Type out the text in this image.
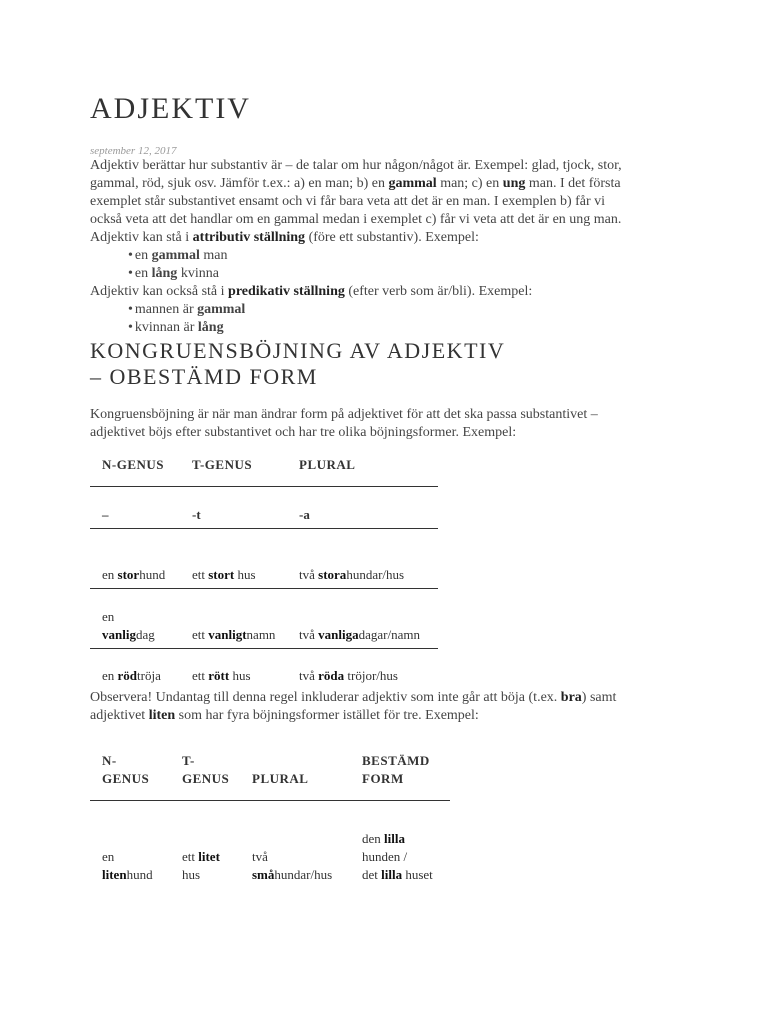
ADJEKTIV
september 12, 2017
Adjektiv berättar hur substantiv är – de talar om hur någon/något är. Exempel: glad, tjock, stor,
gammal, röd, sjuk osv. Jämför t.ex.: a) en man; b) en gammal man; c) en ung man. I det första
exemplet står substantivet ensamt och vi får bara veta att det är en man. I exemplen b) får vi
också veta att det handlar om en gammal medan i exemplet c) får vi veta att det är en ung man.
Adjektiv kan stå i attributiv ställning (före ett substantiv). Exempel:
• en gammal man
• en lång kvinna
Adjektiv kan också stå i predikativ ställning (efter verb som är/bli). Exempel:
• mannen är gammal
• kvinnan är lång
KONGRUENSBÖJNING AV ADJEKTIV
– OBESTÄMD FORM
Kongruensböjning är när man ändrar form på adjektivet för att det ska passa substantivet –
adjektivet böjs efter substantivet och har tre olika böjningsformer. Exempel:
N-GENUS	T-GENUS	PLURAL
–	-t	-a
en storhund	ett stort hus	två storahundar/hus
en vanligdag	ett vanligtnamn	två vanligadagar/namn
en rödtröja	ett rött hus	två röda tröjor/hus
Observera! Undantag till denna regel inkluderar adjektiv som inte går att böja (t.ex. bra) samt
adjektivet liten som har fyra böjningsformer istället för tre. Exempel:
N-GENUS	T-GENUS	PLURAL	BESTÄMD FORM
en litenhund	ett litet hus	två småhundar/hus	den lilla hunden /
det lilla huset
